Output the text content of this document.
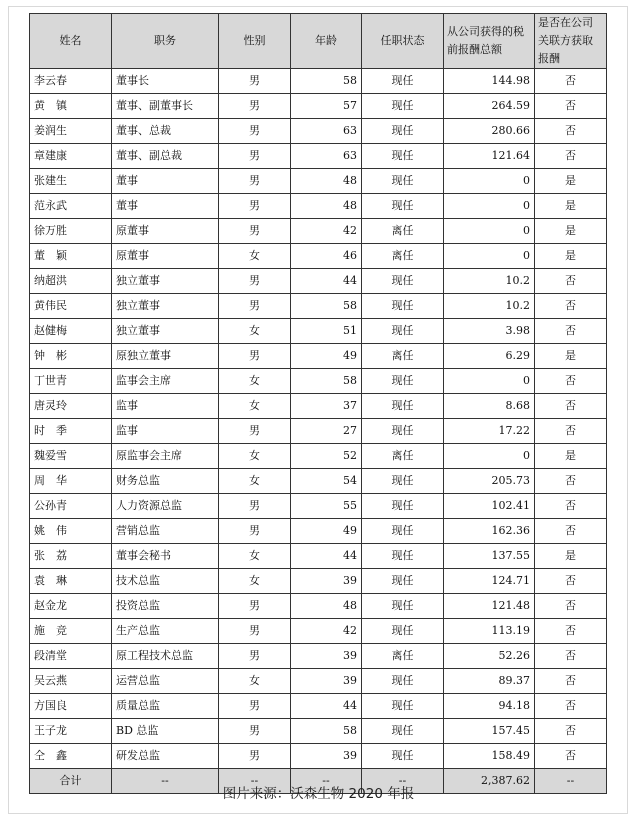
姓名	职务	性别	年龄	任职状态	从公司获得的税前报酬总额	是否在公司关联方获取报酬
李云春	董事长	男	58	现任	144.98	否
黄　镇	董事、副董事长	男	57	现任	264.59	否
姜润生	董事、总裁	男	63	现任	280.66	否
章建康	董事、副总裁	男	63	现任	121.64	否
张建生	董事	男	48	现任	0	是
范永武	董事	男	48	现任	0	是
徐万胜	原董事	男	42	离任	0	是
董　颖	原董事	女	46	离任	0	是
纳超洪	独立董事	男	44	现任	10.2	否
黄伟民	独立董事	男	58	现任	10.2	否
赵健梅	独立董事	女	51	现任	3.98	否
钟　彬	原独立董事	男	49	离任	6.29	是
丁世青	监事会主席	女	58	现任	0	否
唐灵玲	监事	女	37	现任	8.68	否
时　季	监事	男	27	现任	17.22	否
魏爱雪	原监事会主席	女	52	离任	0	是
周　华	财务总监	女	54	现任	205.73	否
公孙青	人力资源总监	男	55	现任	102.41	否
姚　伟	营销总监	男	49	现任	162.36	否
张　荔	董事会秘书	女	44	现任	137.55	是
袁　琳	技术总监	女	39	现任	124.71	否
赵金龙	投资总监	男	48	现任	121.48	否
施　竞	生产总监	男	42	现任	113.19	否
段清堂	原工程技术总监	男	39	离任	52.26	否
吴云燕	运营总监	女	39	现任	89.37	否
方国良	质量总监	男	44	现任	94.18	否
王子龙	BD 总监	男	58	现任	157.45	否
仝　鑫	研发总监	男	39	现任	158.49	否
合计	--	--	--	--	2,387.62	--
图片来源：沃森生物 2020 年报
